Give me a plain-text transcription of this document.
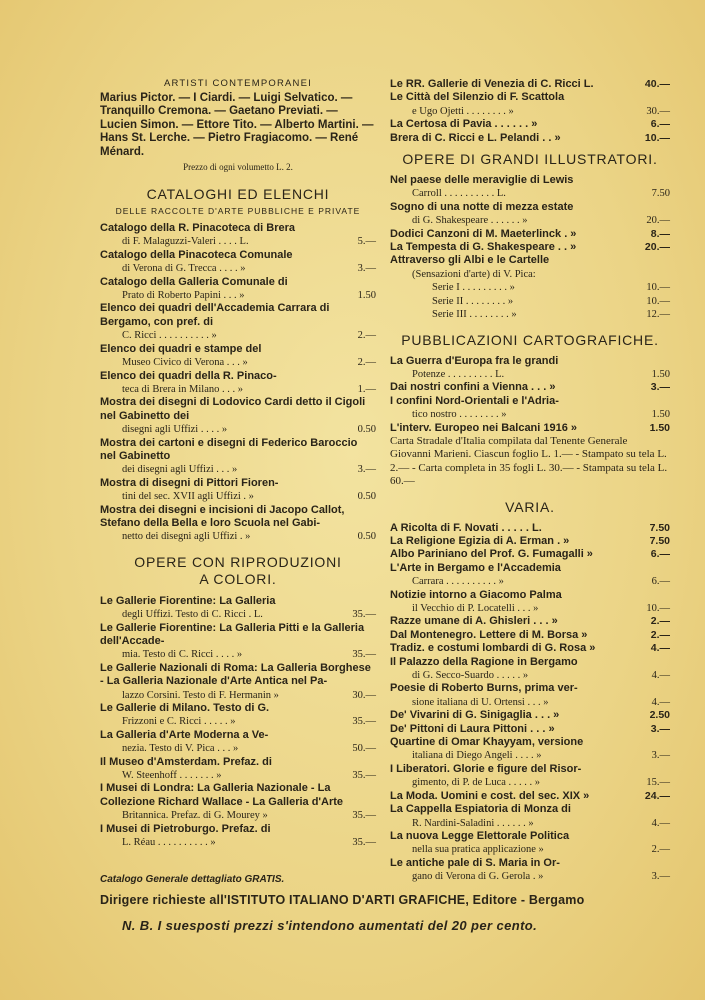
ARTISTI CONTEMPORANEI
Marius Pictor. — I Ciardi. — Luigi Selvatico. — Tranquillo Cremona. — Gaetano Previati. — Lucien Simon. — Ettore Tito. — Alberto Martini. — Hans St. Lerche. — Pietro Fragiacomo. — René Ménard.
Prezzo di ogni volumetto L. 2.
CATALOGHI ED ELENCHI
DELLE RACCOLTE D'ARTE PUBBLICHE E PRIVATE
Catalogo della R. Pinacoteca di Brera
di F. Malaguzzi-Valeri . . . . L.	5.—
Catalogo della Pinacoteca Comunale
di Verona di G. Trecca . . . . »	3.—
Catalogo della Galleria Comunale di
Prato di Roberto Papini . . . »	1.50
Elenco dei quadri dell'Accademia Carrara di Bergamo, con pref. di
C. Ricci . . . . . . . . . . »	2.—
Elenco dei quadri e stampe del
Museo Civico di Verona . . . »	2.—
Elenco dei quadri della R. Pinaco-
teca di Brera in Milano . . . »	1.—
Mostra dei disegni di Lodovico Cardi detto il Cigoli nel Gabinetto dei
disegni agli Uffizi . . . . »	0.50
Mostra dei cartoni e disegni di Federico Baroccio nel Gabinetto
dei disegni agli Uffizi . . . »	3.—
Mostra di disegni di Pittori Fioren-
tini del sec. XVII agli Uffizi . »	0.50
Mostra dei disegni e incisioni di Jacopo Callot, Stefano della Bella e loro Scuola nel Gabi-
netto dei disegni agli Uffizi . »	0.50
OPERE CON RIPRODUZIONI
A COLORI.
Le Gallerie Fiorentine: La Galleria
degli Uffizi. Testo di C. Ricci . L.	35.—
Le Gallerie Fiorentine: La Galleria Pitti e la Galleria dell'Accade-
mia. Testo di C. Ricci . . . . »	35.—
Le Gallerie Nazionali di Roma: La Galleria Borghese - La Galleria Nazionale d'Arte Antica nel Pa-
lazzo Corsini. Testo di F. Hermanin »	30.—
Le Gallerie di Milano. Testo di G.
Frizzoni e C. Ricci . . . . . »	35.—
La Galleria d'Arte Moderna a Ve-
nezia. Testo di V. Pica . . . »	50.—
Il Museo d'Amsterdam. Prefaz. di
W. Steenhoff . . . . . . . »	35.—
I Musei di Londra: La Galleria Nazionale - La Collezione Richard Wallace - La Galleria d'Arte
Britannica. Prefaz. di G. Mourey »	35.—
I Musei di Pietroburgo. Prefaz. di
L. Réau . . . . . . . . . . »	35.—
Le RR. Gallerie di Venezia di C. Ricci L.	40.—
Le Città del Silenzio di F. Scattola
e Ugo Ojetti . . . . . . . . »	30.—
La Certosa di Pavia . . . . . . »	6.—
Brera di C. Ricci e L. Pelandi . . »	10.—
OPERE DI GRANDI ILLUSTRATORI.
Nel paese delle meraviglie di Lewis
Carroll . . . . . . . . . . L.	7.50
Sogno di una notte di mezza estate
di G. Shakespeare . . . . . . »	20.—
Dodici Canzoni di M. Maeterlinck . »	8.—
La Tempesta di G. Shakespeare . . »	20.—
Attraverso gli Albi e le Cartelle
(Sensazioni d'arte) di V. Pica:
Serie I . . . . . . . . . »	10.—
Serie II . . . . . . . . »	10.—
Serie III . . . . . . . . »	12.—
PUBBLICAZIONI CARTOGRAFICHE.
La Guerra d'Europa fra le grandi
Potenze . . . . . . . . . L.	1.50
Dai nostri confini a Vienna . . . »	3.—
I confini Nord-Orientali e l'Adria-
tico nostro . . . . . . . . »	1.50
L'interv. Europeo nei Balcani 1916 »	1.50
Carta Stradale d'Italia compilata dal Tenente Generale Giovanni Marieni. Ciascun foglio L. 1.— - Stampato su tela L. 2.— - Carta completa in 35 fogli L. 30.— - Stampata su tela L. 60.—
VARIA.
A Ricolta di F. Novati . . . . . L.	7.50
La Religione Egizia di A. Erman . »	7.50
Albo Pariniano del Prof. G. Fumagalli »	6.—
L'Arte in Bergamo e l'Accademia
Carrara . . . . . . . . . . »	6.—
Notizie intorno a Giacomo Palma
il Vecchio di P. Locatelli . . . »	10.—
Razze umane di A. Ghisleri . . . »	2.—
Dal Montenegro. Lettere di M. Borsa »	2.—
Tradiz. e costumi lombardi di G. Rosa »	4.—
Il Palazzo della Ragione in Bergamo
di G. Secco-Suardo . . . . . »	4.—
Poesie di Roberto Burns, prima ver-
sione italiana di U. Ortensi . . . »	4.—
De' Vivarini di G. Sinigaglia . . . »	2.50
De' Pittoni di Laura Pittoni . . . »	3.—
Quartine di Omar Khayyam, versione
italiana di Diego Angeli . . . . »	3.—
I Liberatori. Glorie e figure del Risor-
gimento, di P. de Luca . . . . . »	15.—
La Moda. Uomini e cost. del sec. XIX »	24.—
La Cappella Espiatoria di Monza di
R. Nardini-Saladini . . . . . . »	4.—
La nuova Legge Elettorale Politica
nella sua pratica applicazione »	2.—
Le antiche pale di S. Maria in Or-
gano di Verona di G. Gerola . »	3.—
Catalogo Generale dettagliato GRATIS.
Dirigere richieste all'ISTITUTO ITALIANO D'ARTI GRAFICHE, Editore - Bergamo
N. B. I suesposti prezzi s'intendono aumentati del 20 per cento.
